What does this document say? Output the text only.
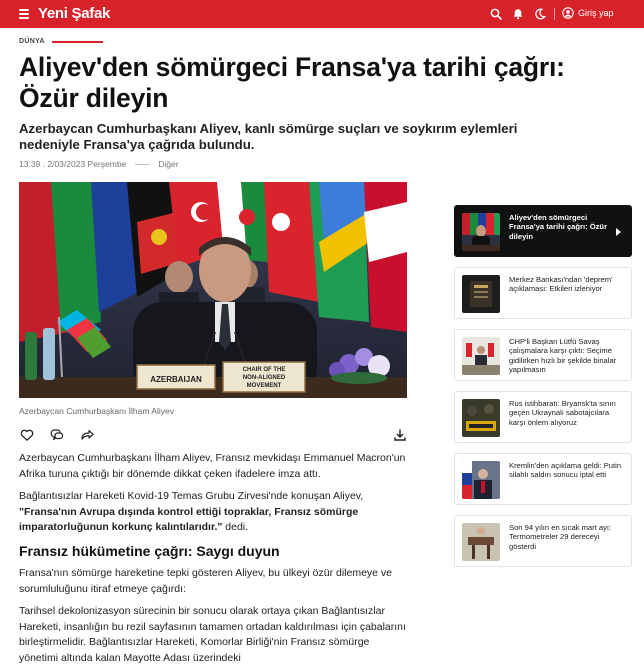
Yeni Şafak	Giriş yap
DÜNYA
Aliyev'den sömürgeci Fransa'ya tarihi çağrı: Özür dileyin
Azerbaycan Cumhurbaşkanı Aliyev, kanlı sömürge suçları ve soykırım eylemleri nedeniyle Fransa'ya çağrıda bulundu.
13:39 . 2/03/2023 Perşembe	Diğer
AZERBAIJAN
CHAIR OF THE
NON-ALIGNED
MOVEMENT
Azerbaycan Cumhurbaşkanı İlham Aliyev
Azerbaycan Cumhurbaşkanı İlham Aliyev, Fransız mevkidaşı Emmanuel Macron'un Afrika turuna çıktığı bir dönemde dikkat çeken ifadelere imza attı.
Bağlantısızlar Hareketi Kovid-19 Temas Grubu Zirvesi'nde konuşan Aliyev, "Fransa'nın Avrupa dışında kontrol ettiği topraklar, Fransız sömürge imparatorluğunun korkunç kalıntılarıdır." dedi.
Fransız hükümetine çağrı: Saygı duyun
Fransa'nın sömürge hareketine tepki gösteren Aliyev, bu ülkeyi özür dilemeye ve sorumluluğunu itiraf etmeye çağırdı:
Tarihsel dekolonizasyon sürecinin bir sonucu olarak ortaya çıkan Bağlantısızlar Hareketi, insanlığın bu rezil sayfasının tamamen ortadan kaldırılması için çabalarını birleştirmelidir. Bağlantısızlar Hareketi, Komorlar Birliği'nin Fransız sömürge yönetimi altında kalan Mayotte Adası üzerindeki
Aliyev'den sömürgeci Fransa'ya tarihi çağrı: Özür dileyin
Merkez Bankası'ndan 'deprem' açıklaması: Etkileri izleniyor
CHP'li Başkan Lütfü Savaş çalışmalara karşı çıktı: Seçime gidilirken hızlı bir şekilde binalar yapılmasın
Rus istihbaratı: Bryansk'ta sınırı geçen Ukraynalı sabotajcılara karşı önlem alıyoruz
Kremlin'den açıklama geldi: Putin silahlı saldırı sonucu iptal etti
Son 94 yılın en sıcak mart ayı: Termometreler 29 dereceyi gösterdi
